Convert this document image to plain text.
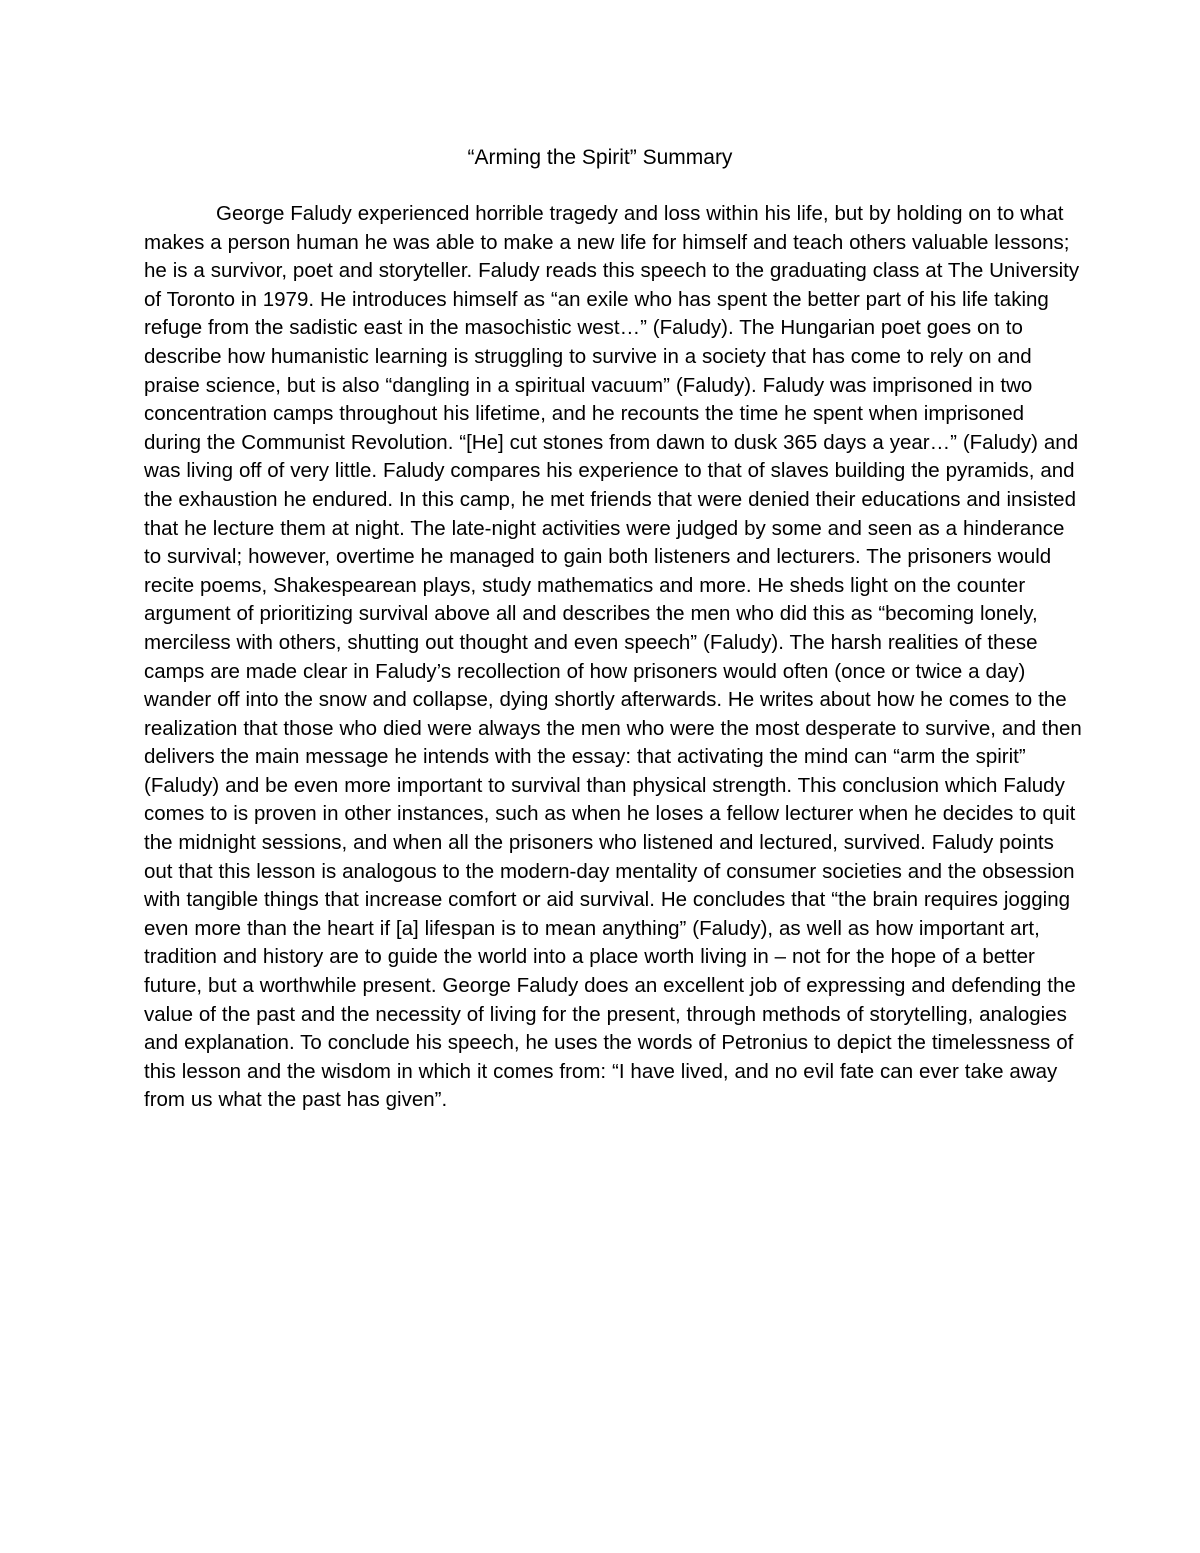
“Arming the Spirit” Summary

George Faludy experienced horrible tragedy and loss within his life, but by holding on to what makes a person human he was able to make a new life for himself and teach others valuable lessons; he is a survivor, poet and storyteller. Faludy reads this speech to the graduating class at The University of Toronto in 1979. He introduces himself as “an exile who has spent the better part of his life taking refuge from the sadistic east in the masochistic west…” (Faludy). The Hungarian poet goes on to describe how humanistic learning is struggling to survive in a society that has come to rely on and praise science, but is also “dangling in a spiritual vacuum” (Faludy). Faludy was imprisoned in two concentration camps throughout his lifetime, and he recounts the time he spent when imprisoned during the Communist Revolution. “[He] cut stones from dawn to dusk 365 days a year…” (Faludy) and was living off of very little. Faludy compares his experience to that of slaves building the pyramids, and the exhaustion he endured. In this camp, he met friends that were denied their educations and insisted that he lecture them at night. The late-night activities were judged by some and seen as a hinderance to survival; however, overtime he managed to gain both listeners and lecturers. The prisoners would recite poems, Shakespearean plays, study mathematics and more. He sheds light on the counter argument of prioritizing survival above all and describes the men who did this as “becoming lonely, merciless with others, shutting out thought and even speech” (Faludy). The harsh realities of these camps are made clear in Faludy’s recollection of how prisoners would often (once or twice a day) wander off into the snow and collapse, dying shortly afterwards. He writes about how he comes to the realization that those who died were always the men who were the most desperate to survive, and then delivers the main message he intends with the essay: that activating the mind can “arm the spirit” (Faludy) and be even more important to survival than physical strength. This conclusion which Faludy comes to is proven in other instances, such as when he loses a fellow lecturer when he decides to quit the midnight sessions, and when all the prisoners who listened and lectured, survived. Faludy points out that this lesson is analogous to the modern-day mentality of consumer societies and the obsession with tangible things that increase comfort or aid survival. He concludes that “the brain requires jogging even more than the heart if [a] lifespan is to mean anything” (Faludy), as well as how important art, tradition and history are to guide the world into a place worth living in – not for the hope of a better future, but a worthwhile present. George Faludy does an excellent job of expressing and defending the value of the past and the necessity of living for the present, through methods of storytelling, analogies and explanation. To conclude his speech, he uses the words of Petronius to depict the timelessness of this lesson and the wisdom in which it comes from: “I have lived, and no evil fate can ever take away from us what the past has given”.
